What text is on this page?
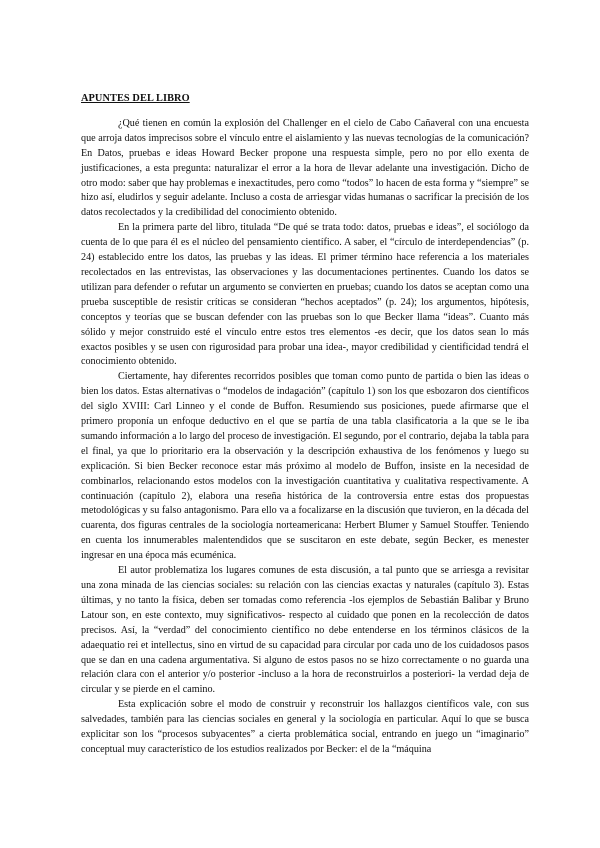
APUNTES DEL LIBRO

¿Qué tienen en común la explosión del Challenger en el cielo de Cabo Cañaveral con una encuesta que arroja datos imprecisos sobre el vínculo entre el aislamiento y las nuevas tecnologías de la comunicación? En Datos, pruebas e ideas Howard Becker propone una respuesta simple, pero no por ello exenta de justificaciones, a esta pregunta: naturalizar el error a la hora de llevar adelante una investigación. Dicho de otro modo: saber que hay problemas e inexactitudes, pero como “todos” lo hacen de esta forma y “siempre” se hizo así, eludirlos y seguir adelante. Incluso a costa de arriesgar vidas humanas o sacrificar la precisión de los datos recolectados y la credibilidad del conocimiento obtenido.

En la primera parte del libro, titulada “De qué se trata todo: datos, pruebas e ideas”, el sociólogo da cuenta de lo que para él es el núcleo del pensamiento científico. A saber, el “círculo de interdependencias” (p. 24) establecido entre los datos, las pruebas y las ideas. El primer término hace referencia a los materiales recolectados en las entrevistas, las observaciones y las documentaciones pertinentes. Cuando los datos se utilizan para defender o refutar un argumento se convierten en pruebas; cuando los datos se aceptan como una prueba susceptible de resistir críticas se consideran “hechos aceptados” (p. 24); los argumentos, hipótesis, conceptos y teorías que se buscan defender con las pruebas son lo que Becker llama “ideas”. Cuanto más sólido y mejor construido esté el vínculo entre estos tres elementos -es decir, que los datos sean lo más exactos posibles y se usen con rigurosidad para probar una idea-, mayor credibilidad y cientificidad tendrá el conocimiento obtenido.

Ciertamente, hay diferentes recorridos posibles que toman como punto de partida o bien las ideas o bien los datos. Estas alternativas o “modelos de indagación” (capítulo 1) son los que esbozaron dos científicos del siglo XVIII: Carl Linneo y el conde de Buffon. Resumiendo sus posiciones, puede afirmarse que el primero proponía un enfoque deductivo en el que se partía de una tabla clasificatoria a la que se le iba sumando información a lo largo del proceso de investigación. El segundo, por el contrario, dejaba la tabla para el final, ya que lo prioritario era la observación y la descripción exhaustiva de los fenómenos y luego su explicación. Si bien Becker reconoce estar más próximo al modelo de Buffon, insiste en la necesidad de combinarlos, relacionando estos modelos con la investigación cuantitativa y cualitativa respectivamente. A continuación (capítulo 2), elabora una reseña histórica de la controversia entre estas dos propuestas metodológicas y su falso antagonismo. Para ello va a focalizarse en la discusión que tuvieron, en la década del cuarenta, dos figuras centrales de la sociología norteamericana: Herbert Blumer y Samuel Stouffer. Teniendo en cuenta los innumerables malentendidos que se suscitaron en este debate, según Becker, es menester ingresar en una época más ecuménica.

El autor problematiza los lugares comunes de esta discusión, a tal punto que se arriesga a revisitar una zona minada de las ciencias sociales: su relación con las ciencias exactas y naturales (capítulo 3). Estas últimas, y no tanto la física, deben ser tomadas como referencia -los ejemplos de Sebastián Balibar y Bruno Latour son, en este contexto, muy significativos- respecto al cuidado que ponen en la recolección de datos precisos. Así, la “verdad” del conocimiento científico no debe entenderse en los términos clásicos de la adaequatio rei et intellectus, sino en virtud de su capacidad para circular por cada uno de los cuidadosos pasos que se dan en una cadena argumentativa. Si alguno de estos pasos no se hizo correctamente o no guarda una relación clara con el anterior y/o posterior -incluso a la hora de reconstruirlos a posteriori- la verdad deja de circular y se pierde en el camino.

Esta explicación sobre el modo de construir y reconstruir los hallazgos científicos vale, con sus salvedades, también para las ciencias sociales en general y la sociología en particular. Aquí lo que se busca explicitar son los “procesos subyacentes” a cierta problemática social, entrando en juego un “imaginario” conceptual muy característico de los estudios realizados por Becker: el de la “máquina
